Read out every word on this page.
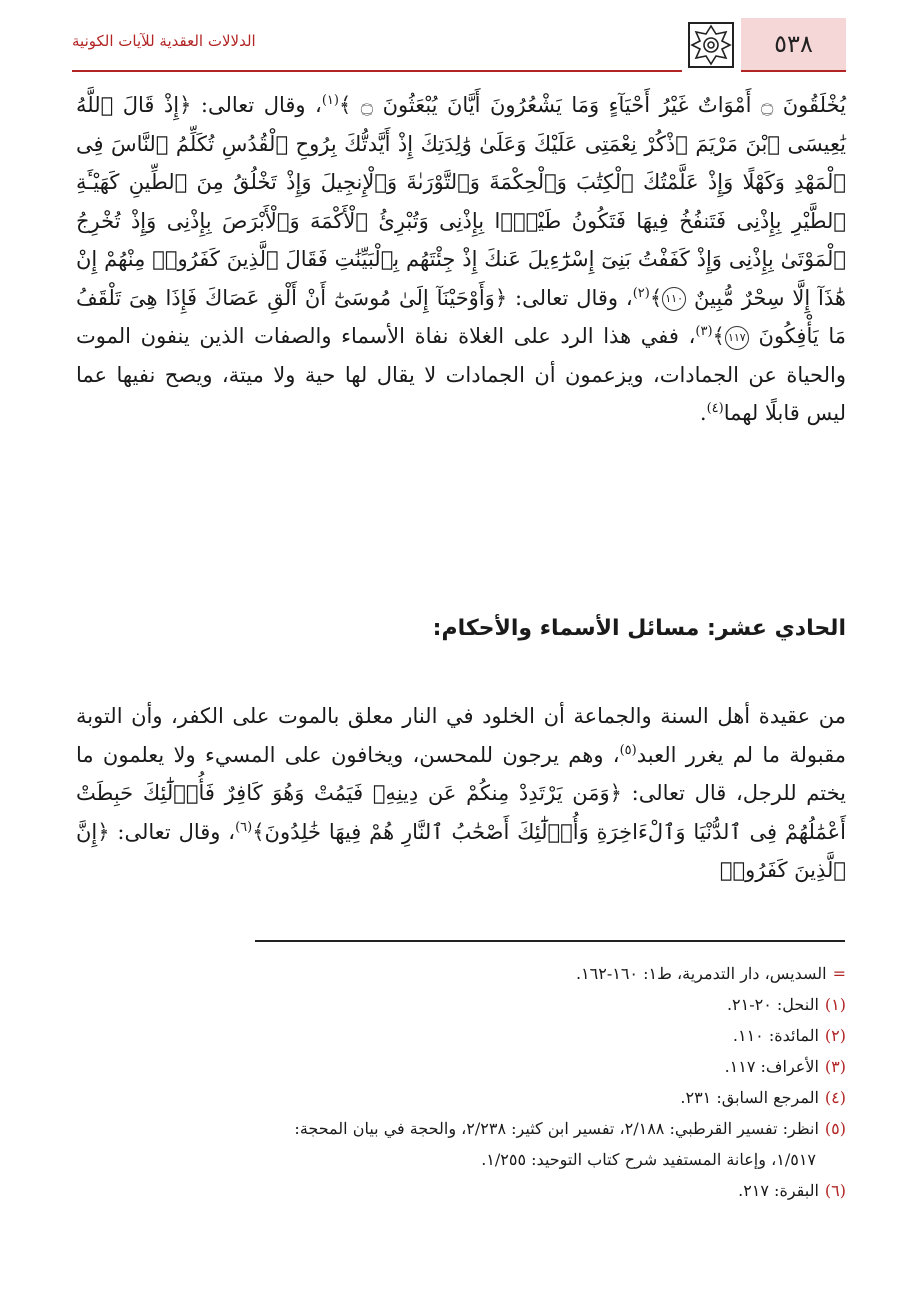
الدلالات العقدية للآيات الكونية	٥٣٨

يُخْلَقُونَ ۝ أَمْوَاتٌ غَيْرُ أَحْيَآءٍ وَمَا يَشْعُرُونَ أَيَّانَ يُبْعَثُونَ ۝ ﴾$^{(١)}$، وقال تعالى: ﴿إِذْ قَالَ ٱللَّهُ يَٰعِيسَى ٱبْنَ مَرْيَمَ ٱذْكُرْ نِعْمَتِى عَلَيْكَ وَعَلَىٰ وَٰلِدَتِكَ إِذْ أَيَّدتُّكَ بِرُوحِ ٱلْقُدُسِ تُكَلِّمُ ٱلنَّاسَ فِى ٱلْمَهْدِ وَكَهْلًا وَإِذْ عَلَّمْتُكَ ٱلْكِتَٰبَ وَٱلْحِكْمَةَ وَٱلتَّوْرَىٰةَ وَٱلْإِنجِيلَ وَإِذْ تَخْلُقُ مِنَ ٱلطِّينِ كَهَيْـَٔةِ ٱلطَّيْرِ بِإِذْنِى فَتَنفُخُ فِيهَا فَتَكُونُ طَيْرًۢا بِإِذْنِى وَتُبْرِئُ ٱلْأَكْمَهَ وَٱلْأَبْرَصَ بِإِذْنِى وَإِذْ تُخْرِجُ ٱلْمَوْتَىٰ بِإِذْنِى وَإِذْ كَفَفْتُ بَنِىٓ إِسْرَٰٓءِيلَ عَنكَ إِذْ جِئْتَهُم بِٱلْبَيِّنَٰتِ فَقَالَ ٱلَّذِينَ كَفَرُوا۟ مِنْهُمْ إِنْ هَٰذَآ إِلَّا سِحْرٌ مُّبِينٌ ١١٠﴾$^{(٢)}$، وقال تعالى: ﴿وَأَوْحَيْنَآ إِلَىٰ مُوسَىٰٓ أَنْ أَلْقِ عَصَاكَ فَإِذَا هِىَ تَلْقَفُ مَا يَأْفِكُونَ ١١٧﴾$^{(٣)}$، ففي هذا الرد على الغلاة نفاة الأسماء والصفات الذين ينفون الموت والحياة عن الجمادات، ويزعمون أن الجمادات لا يقال لها حية ولا ميتة، ويصح نفيها عما ليس قابلًا لهما$^{(٤)}$.

الحادي عشر: مسائل الأسماء والأحكام:

من عقيدة أهل السنة والجماعة أن الخلود في النار معلق بالموت على الكفر، وأن التوبة مقبولة ما لم يغرر العبد$^{(٥)}$، وهم يرجون للمحسن، ويخافون على المسيء ولا يعلمون ما يختم للرجل، قال تعالى: ﴿وَمَن يَرْتَدِدْ مِنكُمْ عَن دِينِهِۦ فَيَمُتْ وَهُوَ كَافِرٌ فَأُو۟لَٰٓئِكَ حَبِطَتْ أَعْمَٰلُهُمْ فِى ٱلدُّنْيَا وَٱلْءَاخِرَةِ وَأُو۟لَٰٓئِكَ أَصْحَٰبُ ٱلنَّارِ هُمْ فِيهَا خَٰلِدُونَ﴾$^{(٦)}$، وقال تعالى: ﴿إِنَّ ٱلَّذِينَ كَفَرُوا۟

=السديس، دار التدمرية، ط١: ١٦٠-١٦٢.
(١)النحل: ٢٠-٢١.
(٢)المائدة: ١١٠.
(٣)الأعراف: ١١٧.
(٤)المرجع السابق: ٢٣١.
(٥)انظر: تفسير القرطبي: ٢/١٨٨، تفسير ابن كثير: ٢/٢٣٨، والحجة في بيان المحجة:
١/٥١٧، وإعانة المستفيد شرح كتاب التوحيد: ١/٢٥٥.
(٦)البقرة: ٢١٧.
